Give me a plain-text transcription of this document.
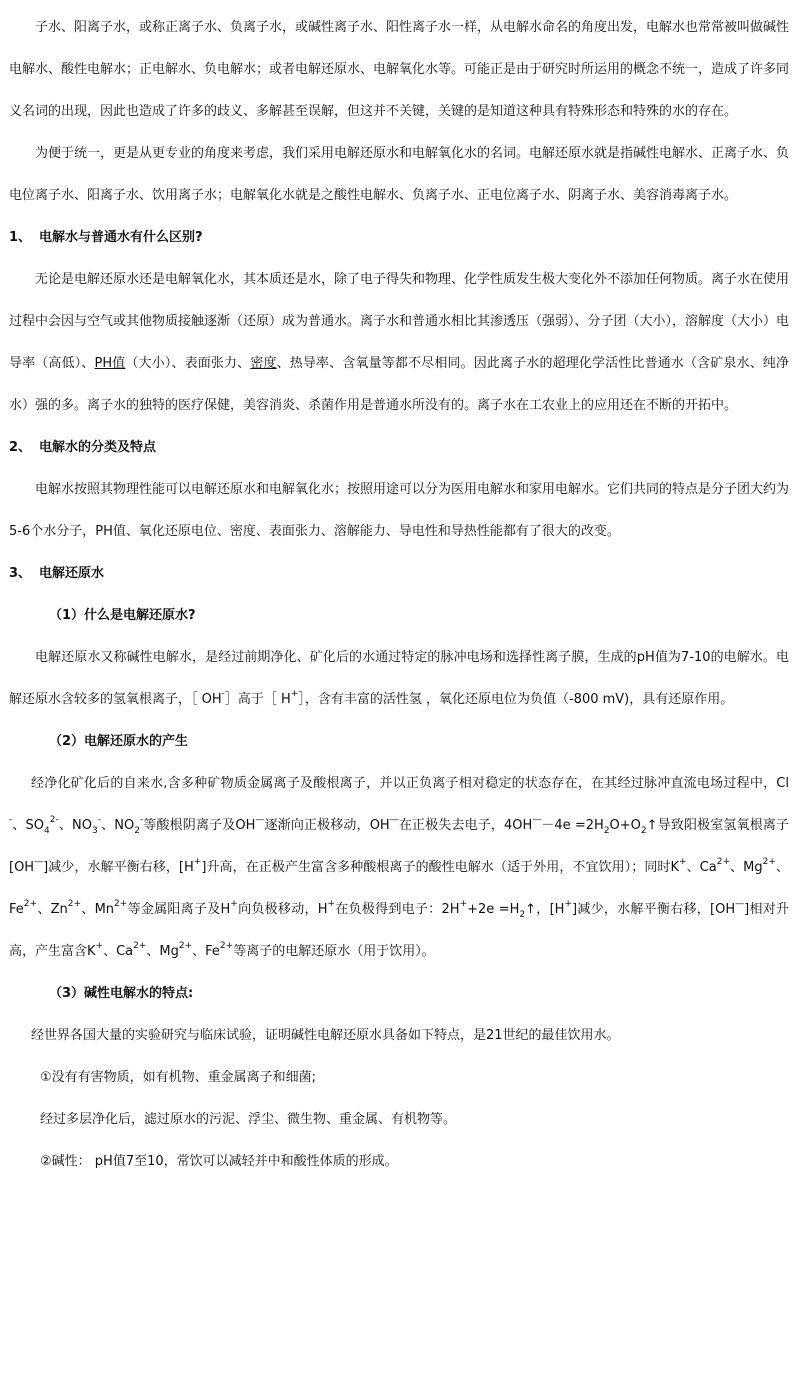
子水、阳离子水，或称正离子水、负离子水，或碱性离子水、阳性离子水一样，从电解水命名的角度出发，电解水也常常被叫做碱性电解水、酸性电解水；正电解水、负电解水；或者电解还原水、电解氧化水等。可能正是由于研究时所运用的概念不统一，造成了许多同义名词的出现，因此也造成了许多的歧义、多解甚至误解，但这并不关键，关键的是知道这种具有特殊形态和特殊的水的存在。

为便于统一，更是从更专业的角度来考虑，我们采用电解还原水和电解氧化水的名词。电解还原水就是指碱性电解水、正离子水、负电位离子水、阳离子水、饮用离子水；电解氧化水就是之酸性电解水、负离子水、正电位离子水、阴离子水、美容消毒离子水。

1、 电解水与普通水有什么区别?

无论是电解还原水还是电解氧化水，其本质还是水，除了电子得失和物理、化学性质发生极大变化外不添加任何物质。离子水在使用过程中会因与空气或其他物质接触逐渐（还原）成为普通水。离子水和普通水相比其渗透压（强弱）、分子团（大小），溶解度（大小）电导率（高低）、PH值（大小）、表面张力、密度、热导率、含氧量等都不尽相同。因此离子水的超理化学活性比普通水（含矿泉水、纯净水）强的多。离子水的独特的医疗保健，美容消炎、杀菌作用是普通水所没有的。离子水在工农业上的应用还在不断的开拓中。

2、 电解水的分类及特点

电解水按照其物理性能可以电解还原水和电解氧化水；按照用途可以分为医用电解水和家用电解水。它们共同的特点是分子团大约为5-6个水分子，PH值、氧化还原电位、密度、表面张力、溶解能力、导电性和导热性能都有了很大的改变。

3、 电解还原水

（1）什么是电解还原水?

电解还原水又称碱性电解水，是经过前期净化、矿化后的水通过特定的脉冲电场和选择性离子膜，生成的pH值为7-10的电解水。电解还原水含较多的氢氧根离子，［ OH-］高于［ H+］，含有丰富的活性氢 ，氧化还原电位为负值（-800 mV)，具有还原作用。

（2）电解还原水的产生

经净化矿化后的自来水,含多种矿物质金属离子及酸根离子，并以正负离子相对稳定的状态存在，在其经过脉冲直流电场过程中，Cl-、$SO_4^{2-}$、$NO_3^-$、$NO_2^-$等酸根阴离子及OH—逐渐向正极移动，OH—在正极失去电子，$4OH^—-4e =2H_2O+O_2↑$导致阳极室氢氧根离子[OH—]减少，水解平衡右移，[H+]升高，在正极产生富含多种酸根离子的酸性电解水（适于外用，不宜饮用）；同时K+、$Ca^{2+}$、$Mg^{2+}$、$Fe^{2+}$、$Zn^{2+}$、$Mn^{2+}$等金属阳离子及H+向负极移动，H+在负极得到电子：$2H^++2e =H_2↑$，[H+]减少，水解平衡右移，[OH—]相对升高，产生富含K+、$Ca^{2+}$、$Mg^{2+}$、$Fe^{2+}$等离子的电解还原水（用于饮用）。

（3）碱性电解水的特点:

经世界各国大量的实验研究与临床试验，证明碱性电解还原水具备如下特点，是21世纪的最佳饮用水。

①没有有害物质，如有机物、重金属离子和细菌;

经过多层净化后，滤过原水的污泥、浮尘、微生物、重金属、有机物等。

②碱性： pH值7至10，常饮可以减轻并中和酸性体质的形成。
